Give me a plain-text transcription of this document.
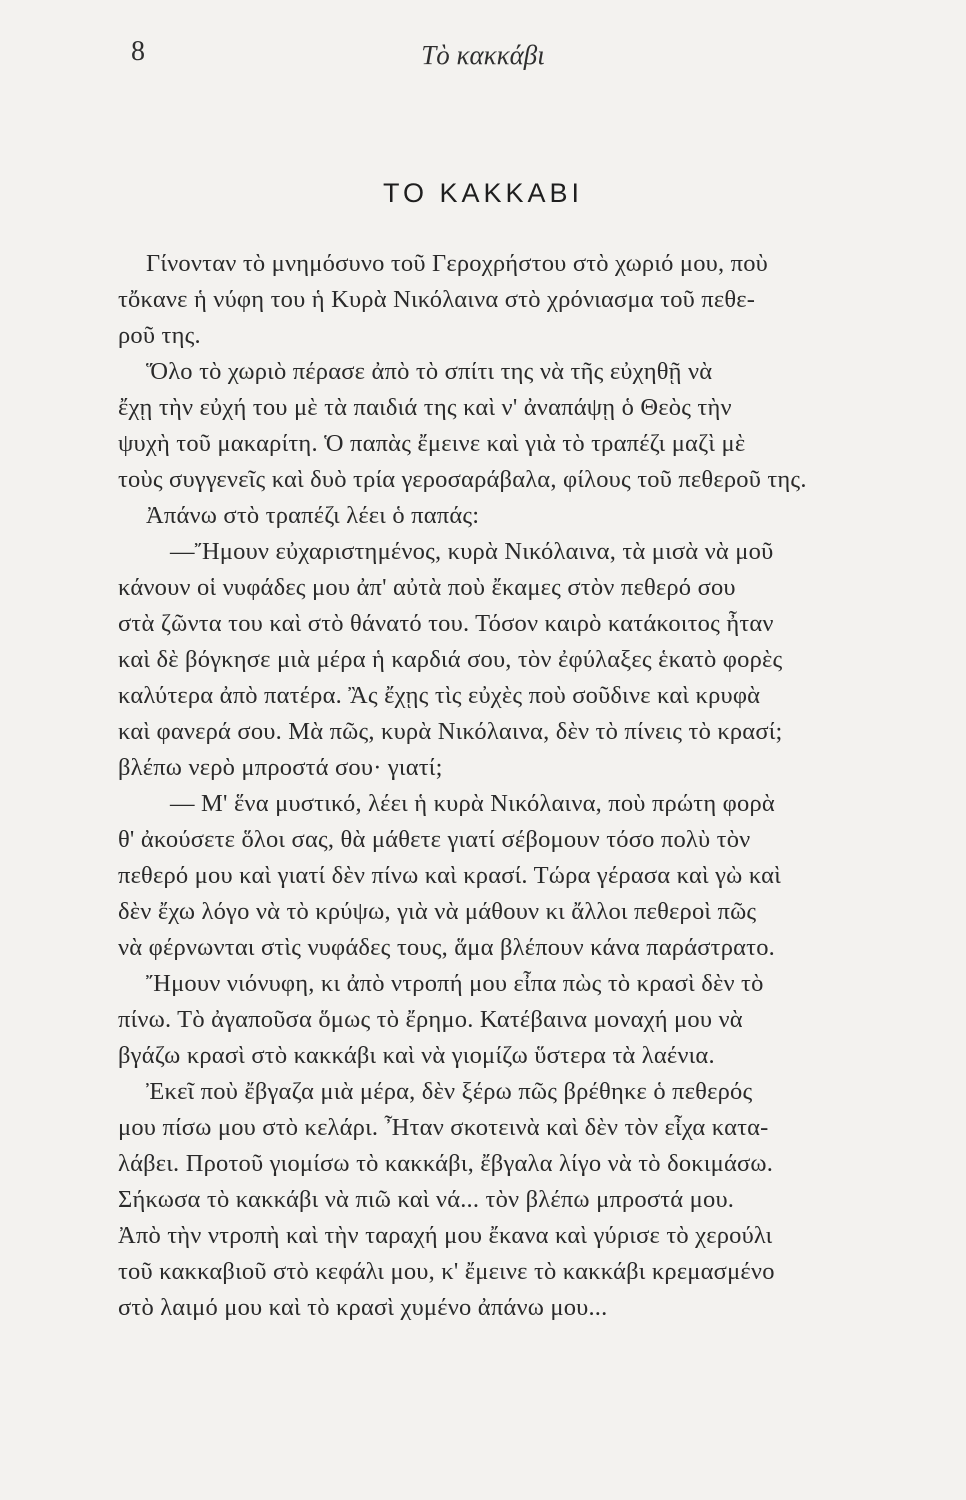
8	Τὸ κακκάβι
ΤΟ ΚΑΚΚΑΒΙ
Γίνονταν τὸ μνημόσυνο τοῦ Γεροχρήστου στὸ χωριό μου, ποὺ
τὄκανε ἡ νύφη του ἡ Κυρὰ Νικόλαινα στὸ χρόνιασμα τοῦ πεθε-
ροῦ της.
Ὅλο τὸ χωριὸ πέρασε ἀπὸ τὸ σπίτι της νὰ τῆς εὐχηθῇ νὰ
ἔχῃ τὴν εὐχή του μὲ τὰ παιδιά της καὶ ν' ἀναπάψῃ ὁ Θεὸς τὴν
ψυχὴ τοῦ μακαρίτη. Ὁ παπὰς ἔμεινε καὶ γιὰ τὸ τραπέζι μαζὶ μὲ
τοὺς συγγενεῖς καὶ δυὸ τρία γεροσαράβαλα, φίλους τοῦ πεθεροῦ της.
Ἀπάνω στὸ τραπέζι λέει ὁ παπάς:
—Ἤμουν εὐχαριστημένος, κυρὰ Νικόλαινα, τὰ μισὰ νὰ μοῦ
κάνουν οἱ νυφάδες μου ἀπ' αὐτὰ ποὺ ἔκαμες στὸν πεθερό σου
στὰ ζῶντα του καὶ στὸ θάνατό του. Τόσον καιρὸ κατάκοιτος ἦταν
καὶ δὲ βόγκησε μιὰ μέρα ἡ καρδιά σου, τὸν ἐφύλαξες ἑκατὸ φορὲς
καλύτερα ἀπὸ πατέρα. Ἂς ἔχῃς τὶς εὐχὲς ποὺ σοῦδινε καὶ κρυφὰ
καὶ φανερά σου. Μὰ πῶς, κυρὰ Νικόλαινα, δὲν τὸ πίνεις τὸ κρασί;
βλέπω νερὸ μπροστά σου· γιατί;
— Μ' ἕνα μυστικό, λέει ἡ κυρὰ Νικόλαινα, ποὺ πρώτη φορὰ
θ' ἀκούσετε ὅλοι σας, θὰ μάθετε γιατί σέβομουν τόσο πολὺ τὸν
πεθερό μου καὶ γιατί δὲν πίνω καὶ κρασί. Τώρα γέρασα καὶ γὼ καὶ
δὲν ἔχω λόγο νὰ τὸ κρύψω, γιὰ νὰ μάθουν κι ἄλλοι πεθεροὶ πῶς
νὰ φέρνωνται στὶς νυφάδες τους, ἅμα βλέπουν κάνα παράστρατο.
Ἤμουν νιόνυφη, κι ἀπὸ ντροπή μου εἶπα πὼς τὸ κρασὶ δὲν τὸ
πίνω. Τὸ ἀγαποῦσα ὅμως τὸ ἔρημο. Κατέβαινα μοναχή μου νὰ
βγάζω κρασὶ στὸ κακκάβι καὶ νὰ γιομίζω ὕστερα τὰ λαένια.
Ἐκεῖ ποὺ ἔβγαζα μιὰ μέρα, δὲν ξέρω πῶς βρέθηκε ὁ πεθερός
μου πίσω μου στὸ κελάρι. Ἦταν σκοτεινὰ καὶ δὲν τὸν εἶχα κατα-
λάβει. Προτοῦ γιομίσω τὸ κακκάβι, ἔβγαλα λίγο νὰ τὸ δοκιμάσω.
Σήκωσα τὸ κακκάβι νὰ πιῶ καὶ νά... τὸν βλέπω μπροστά μου.
Ἀπὸ τὴν ντροπὴ καὶ τὴν ταραχή μου ἔκανα καὶ γύρισε τὸ χερούλι
τοῦ κακκαβιοῦ στὸ κεφάλι μου, κ' ἔμεινε τὸ κακκάβι κρεμασμένο
στὸ λαιμό μου καὶ τὸ κρασὶ χυμένο ἀπάνω μου...
